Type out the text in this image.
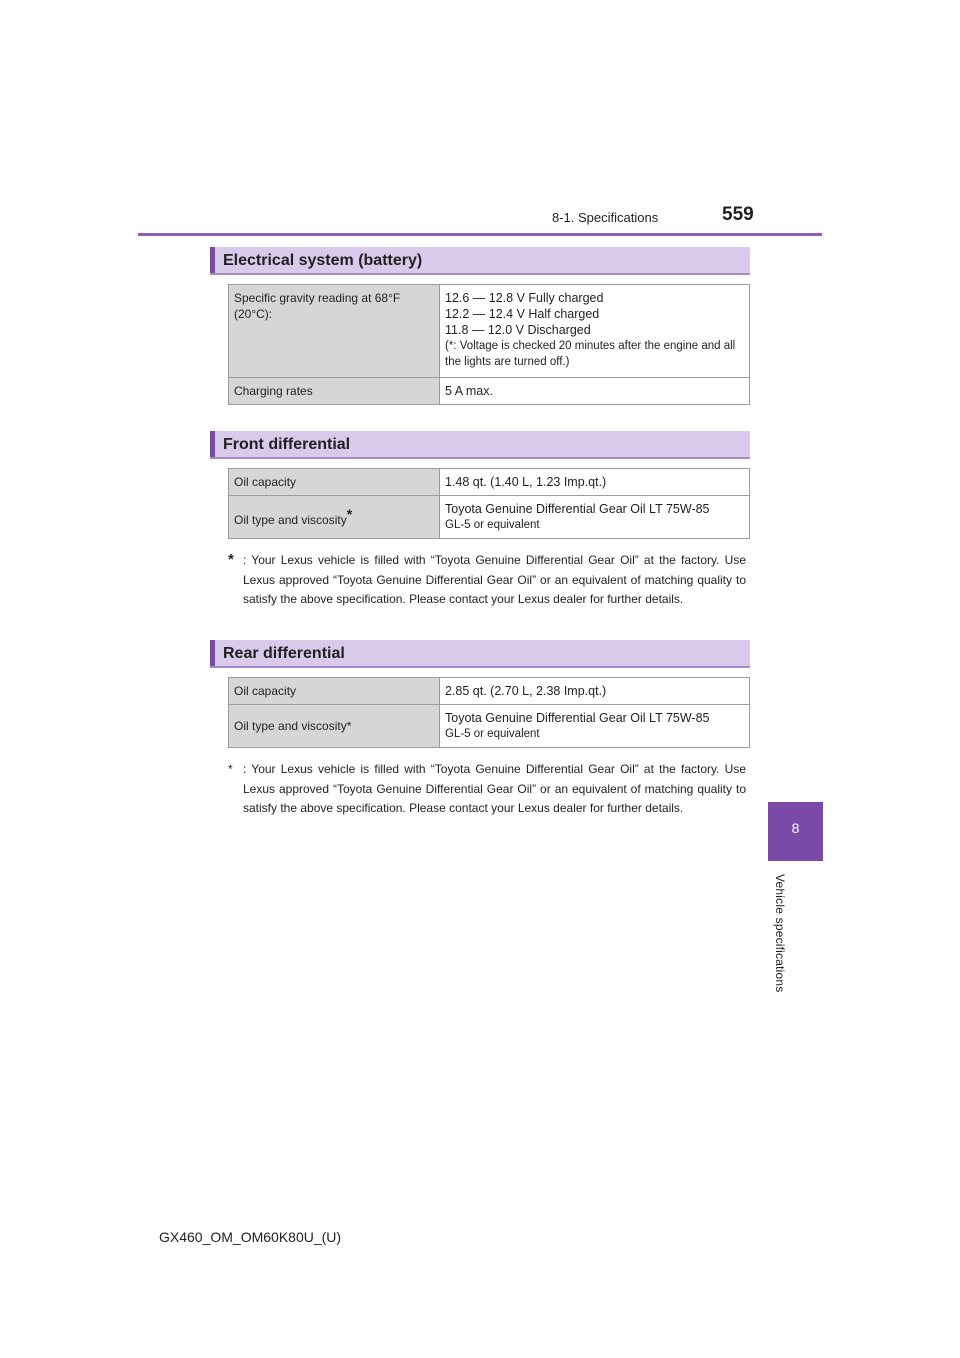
8-1. Specifications	559
8
Vehicle specifications
Electrical system (battery)
Specific gravity reading at 68°F (20°C):	12.6 — 12.8 V Fully charged
12.2 — 12.4 V Half charged
11.8 — 12.0 V Discharged
(*: Voltage is checked 20 minutes after the engine and all the lights are turned off.)

Charging rates	5 A max.
Front differential
Oil capacity	1.48 qt. (1.40 L, 1.23 Imp.qt.)
Oil type and viscosity*	Toyota Genuine Differential Gear Oil LT 75W-85
GL-5 or equivalent
* : Your Lexus vehicle is filled with “Toyota Genuine Differential Gear Oil” at the factory. Use Lexus approved “Toyota Genuine Differential Gear Oil” or an equivalent of matching quality to satisfy the above specification. Please contact your Lexus dealer for further details.
Rear differential
Oil capacity	2.85 qt. (2.70 L, 2.38 Imp.qt.)
Oil type and viscosity*	Toyota Genuine Differential Gear Oil LT 75W-85
GL-5 or equivalent
* : Your Lexus vehicle is filled with “Toyota Genuine Differential Gear Oil” at the factory. Use Lexus approved “Toyota Genuine Differential Gear Oil” or an equivalent of matching quality to satisfy the above specification. Please contact your Lexus dealer for further details.
GX460_OM_OM60K80U_(U)
